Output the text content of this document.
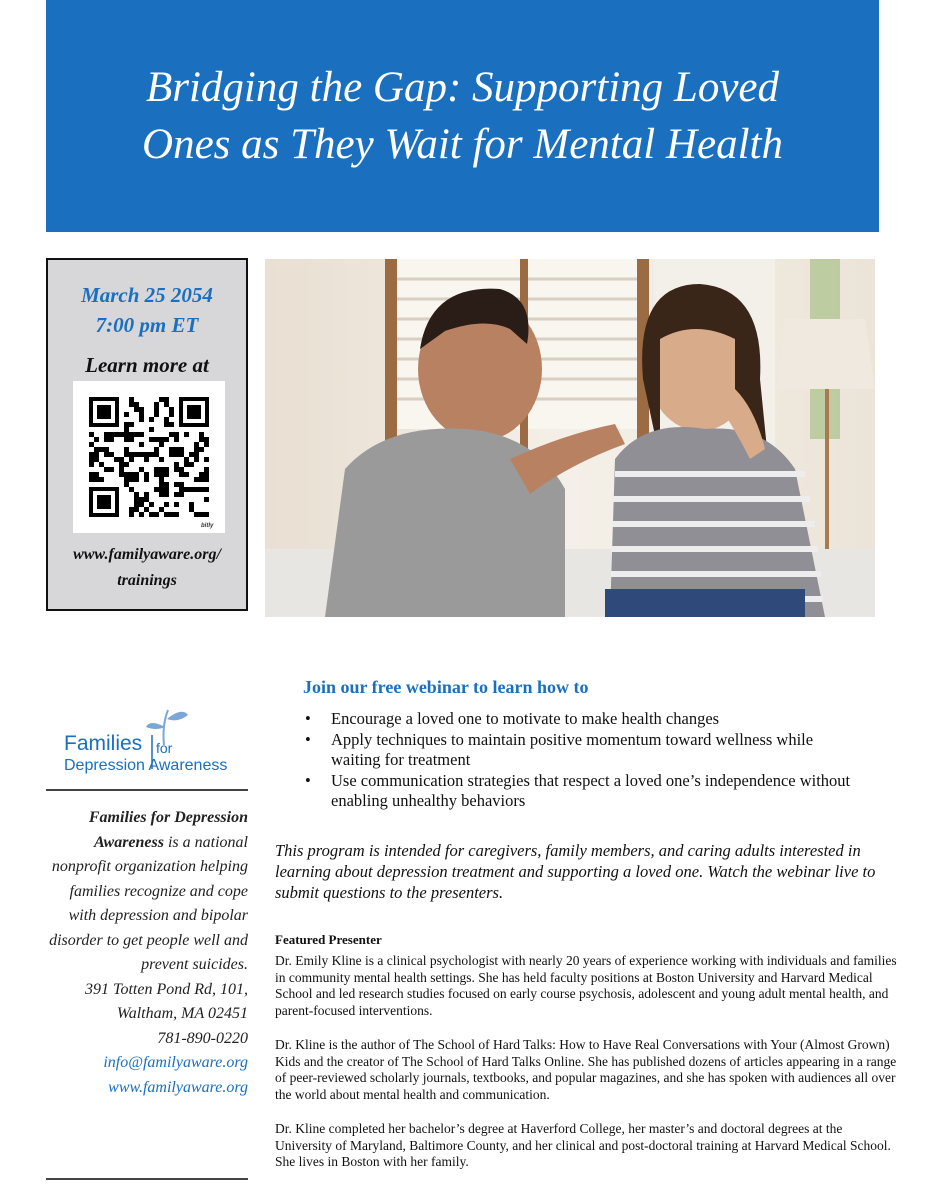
Bridging the Gap: Supporting Loved Ones as They Wait for Mental Health
March 25 2054
7:00 pm ET
Learn more at
bitly
www.familyaware.org/
trainings
Families for
Depression Awareness
Families for Depression Awareness is a national nonprofit organization helping families recognize and cope with depression and bipolar disorder to get people well and prevent suicides.
391 Totten Pond Rd, 101,
Waltham, MA 02451
781-890-0220
info@familyaware.org
www.familyaware.org
Join our free webinar to learn how to
• Encourage a loved one to motivate to make health changes
• Apply techniques to maintain positive momentum toward wellness while waiting for treatment
• Use communication strategies that respect a loved one’s independence without enabling unhealthy behaviors

This program is intended for caregivers, family members, and caring adults interested in learning about depression treatment and supporting a loved one. Watch the webinar live to submit questions to the presenters.

Featured Presenter

Dr. Emily Kline is a clinical psychologist with nearly 20 years of experience working with individuals and families in community mental health settings. She has held faculty positions at Boston University and Harvard Medical School and led research studies focused on early course psychosis, adolescent and young adult mental health, and parent-focused interventions.

Dr. Kline is the author of The School of Hard Talks: How to Have Real Conversations with Your (Almost Grown) Kids and the creator of The School of Hard Talks Online. She has published dozens of articles appearing in a range of peer-reviewed scholarly journals, textbooks, and popular magazines, and she has spoken with audiences all over the world about mental health and communication.

Dr. Kline completed her bachelor’s degree at Haverford College, her master’s and doctoral degrees at the University of Maryland, Baltimore County, and her clinical and post-doctoral training at Harvard Medical School. She lives in Boston with her family.
